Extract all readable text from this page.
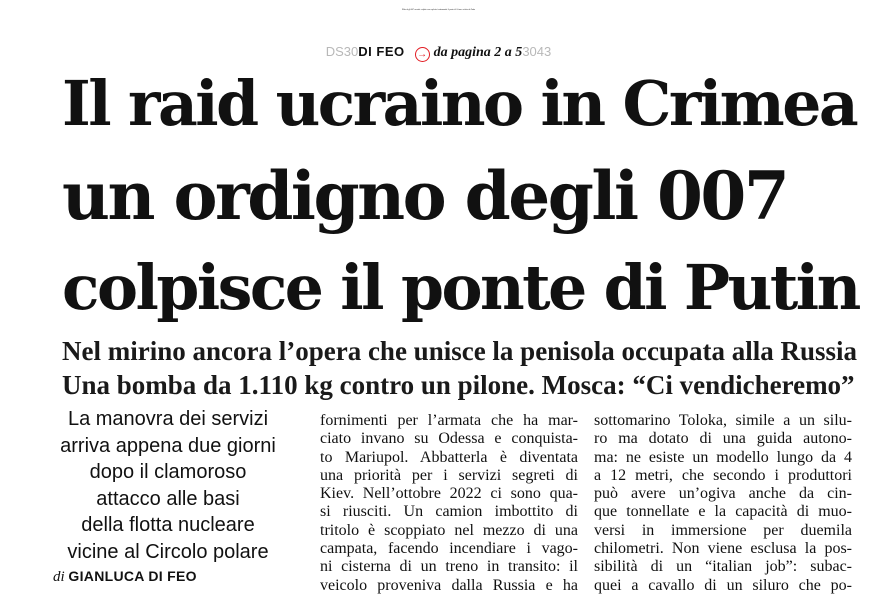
Blitz degli 007 ucraini: colpito con esplosivi sottomarini il ponte di Crimea voluto da Putin
DS30DI FEO → da pagina 2 a 53043
Il raid ucraino in Crimea
un ordigno degli 007
colpisce il ponte di Putin
Nel mirino ancora l’opera che unisce la penisola occupata alla Russia
Una bomba da 1.110 kg contro un pilone. Mosca: “Ci vendicheremo”
La manovra dei servizi
arriva appena due giorni
dopo il clamoroso
attacco alle basi
della flotta nucleare
vicine al Circolo polare
di GIANLUCA DI FEO
fornimenti per l’armata che ha mar-
ciato invano su Odessa e conquista-
to Mariupol. Abbatterla è diventata
una priorità per i servizi segreti di
Kiev. Nell’ottobre 2022 ci sono qua-
si riusciti. Un camion imbottito di
tritolo è scoppiato nel mezzo di una
campata, facendo incendiare i vago-
ni cisterna di un treno in transito: il
veicolo proveniva dalla Russia e ha
sottomarino Toloka, simile a un silu-
ro ma dotato di una guida autono-
ma: ne esiste un modello lungo da 4
a 12 metri, che secondo i produttori
può avere un’ogiva anche da cin-
que tonnellate e la capacità di muo-
versi in immersione per duemila
chilometri. Non viene esclusa la pos-
sibilità di un “italian job”: subac-
quei a cavallo di un siluro che po-
